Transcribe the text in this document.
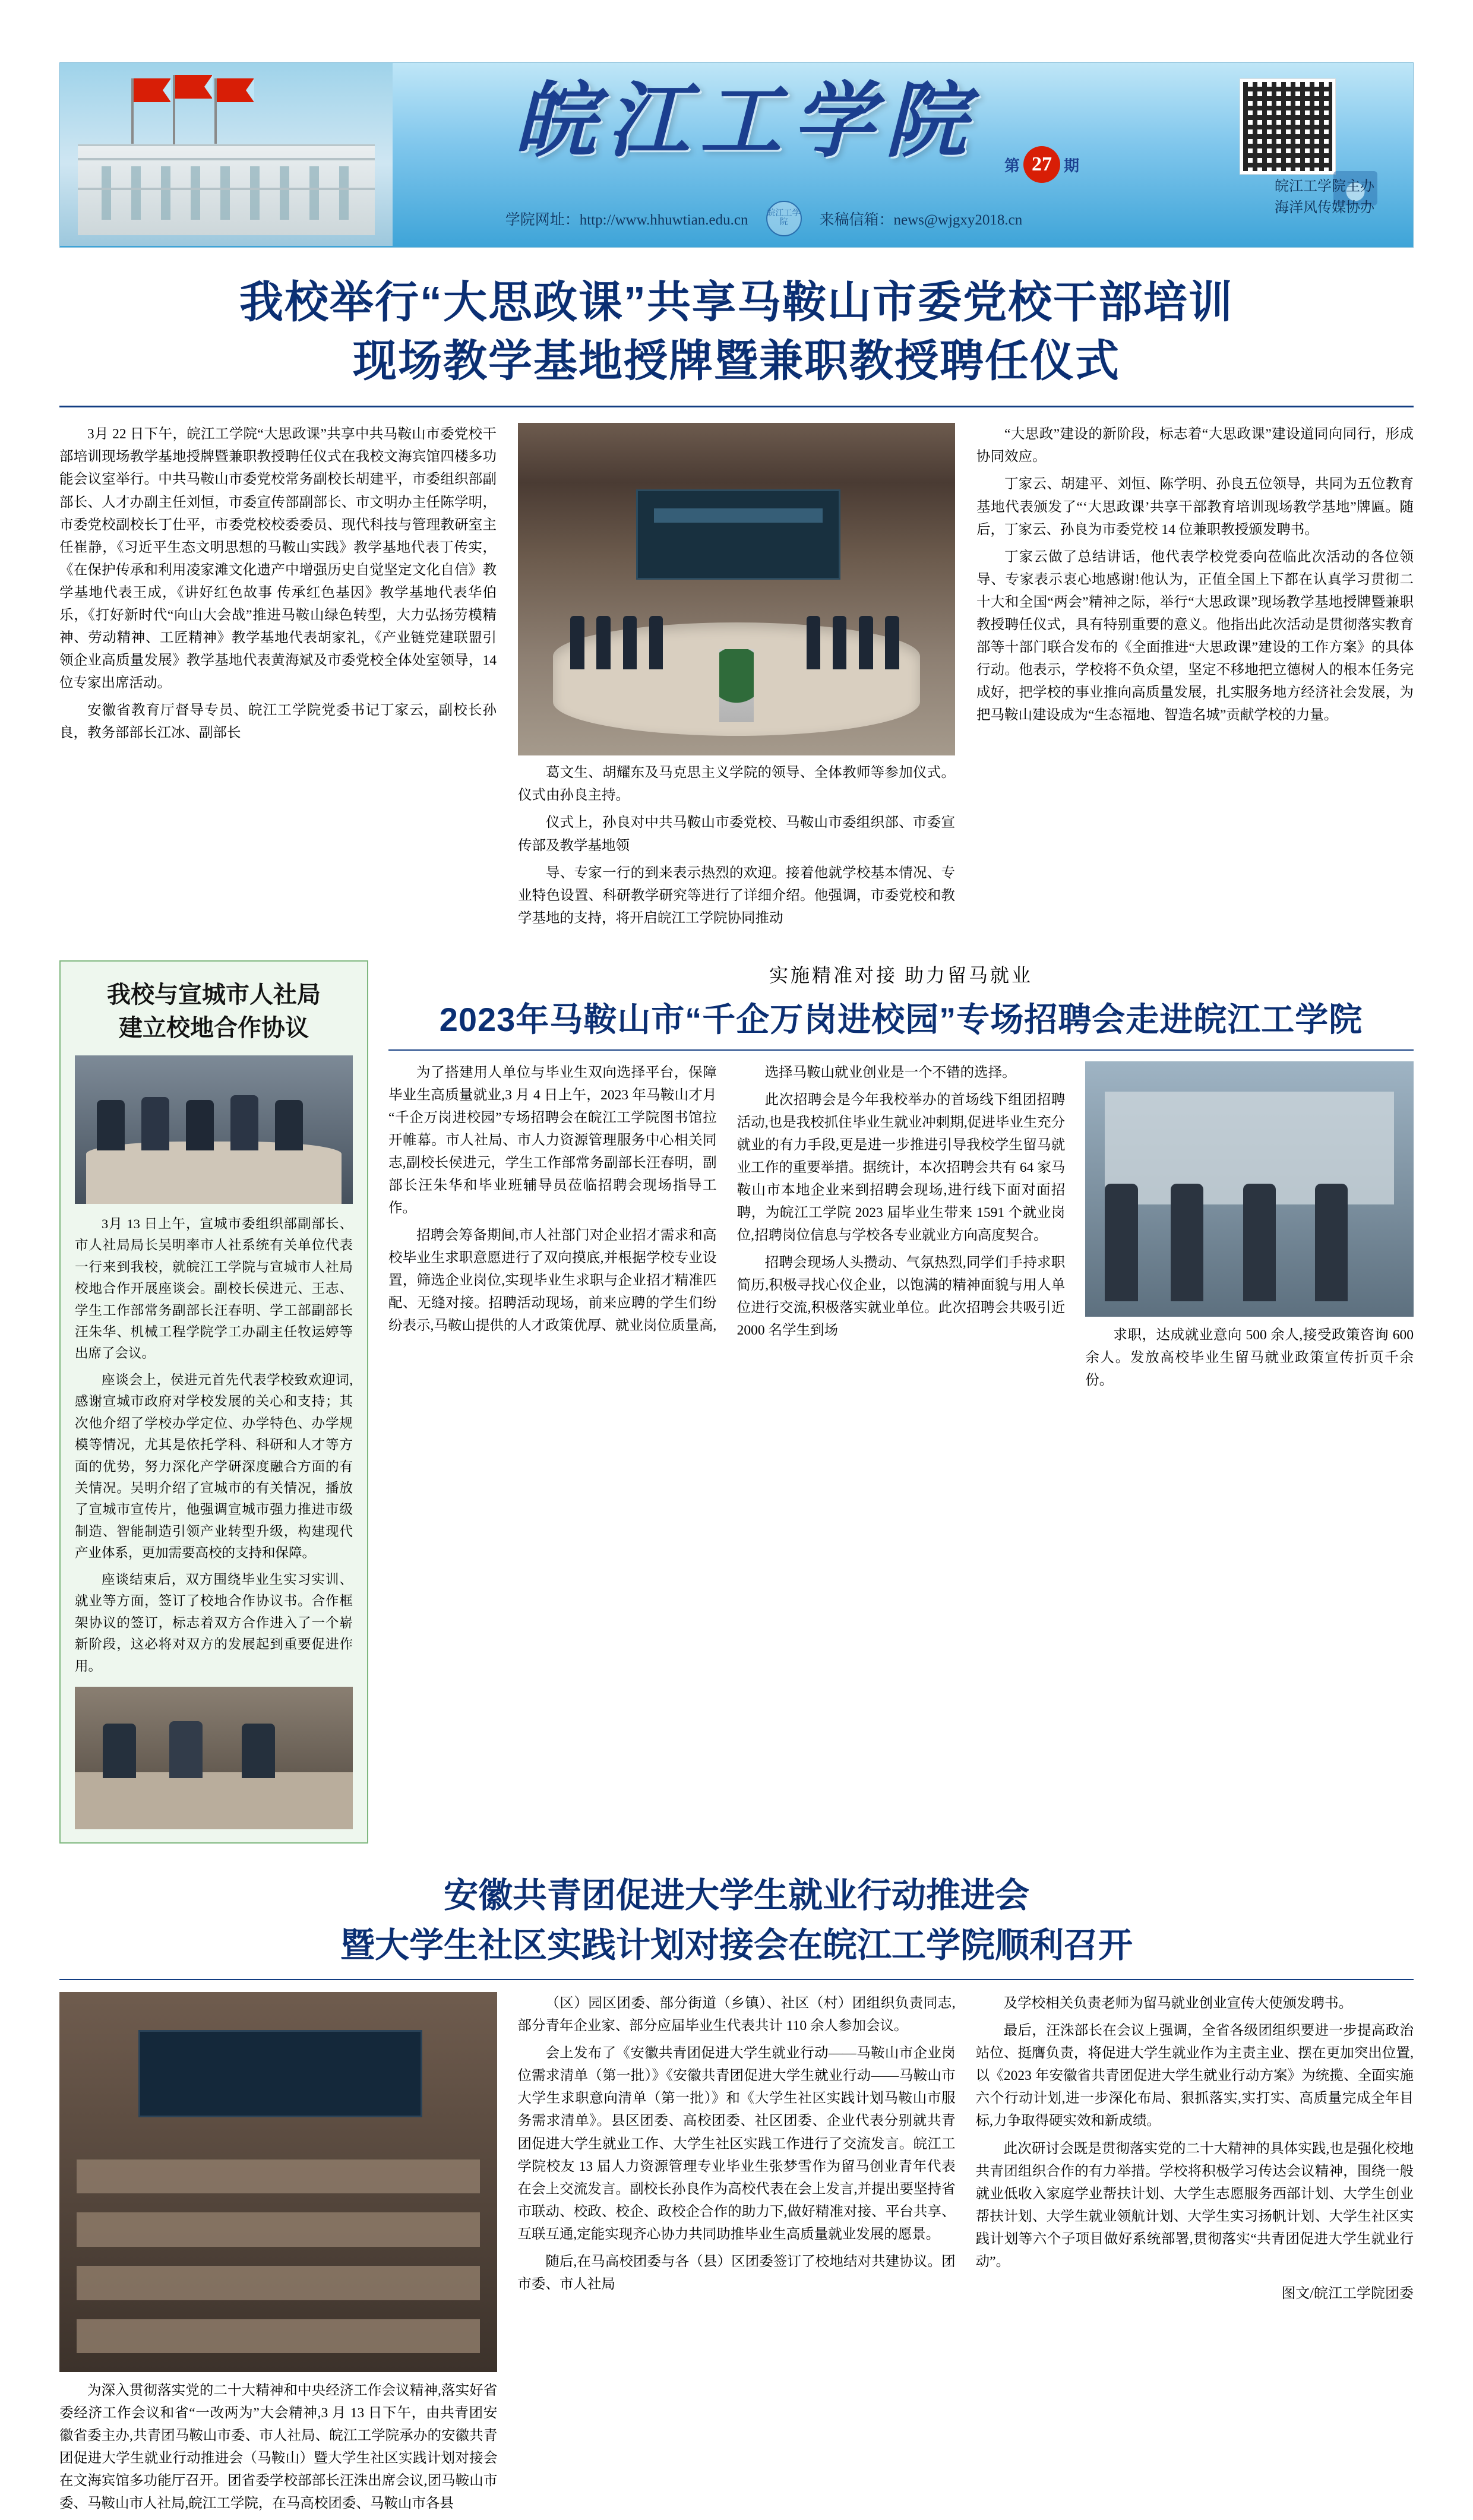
皖江工学院	第 27 期
学院网址：http://www.hhuwtian.edu.cn 皖江工学院	来稿信箱：news@wjgxy2018.cn
皖江工学院主办
海洋风传媒协办
我校举行“大思政课”共享马鞍山市委党校干部培训
现场教学基地授牌暨兼职教授聘任仪式

3月 22 日下午，皖江工学院“大思政课”共享中共马鞍山市委党校干部培训现场教学基地授牌暨兼职教授聘任仪式在我校文海宾馆四楼多功能会议室举行。中共马鞍山市委党校常务副校长胡建平，市委组织部副部长、人才办副主任刘恒，市委宣传部副部长、市文明办主任陈学明，市委党校副校长丁仕平，市委党校校委委员、现代科技与管理教研室主任崔静，《习近平生态文明思想的马鞍山实践》教学基地代表丁传实，《在保护传承和利用凌家滩文化遗产中增强历史自觉坚定文化自信》教学基地代表王成，《讲好红色故事 传承红色基因》教学基地代表华伯乐，《打好新时代“向山大会战”推进马鞍山绿色转型，大力弘扬劳模精神、劳动精神、工匠精神》教学基地代表胡家礼，《产业链党建联盟引领企业高质量发展》教学基地代表黄海斌及市委党校全体处室领导，14 位专家出席活动。

安徽省教育厅督导专员、皖江工学院党委书记丁家云，副校长孙良，教务部部长江冰、副部长

葛文生、胡耀东及马克思主义学院的领导、全体教师等参加仪式。仪式由孙良主持。

仪式上，孙良对中共马鞍山市委党校、马鞍山市委组织部、市委宣传部及教学基地领

“大思政”建设的新阶段，标志着“大思政课”建设道同向同行，形成协同效应。

丁家云、胡建平、刘恒、陈学明、孙良五位领导，共同为五位教育基地代表颁发了“‘大思政课’共享干部教育培训现场教学基地”牌匾。随后，丁家云、孙良为市委党校 14 位兼职教授颁发聘书。

丁家云做了总结讲话，他代表学校党委向莅临此次活动的各位领导、专家表示衷心地感谢!他认为，正值全国上下都在认真学习贯彻二十大和全国“两会”精神之际，举行“大思政课”现场教学基地授牌暨兼职教授聘任仪式，具有特别重要的意义。他指出此次活动是贯彻落实教育部等十部门联合发布的《全面推进“大思政课”建设的工作方案》的具体行动。他表示，学校将不负众望，坚定不移地把立德树人的根本任务完成好，把学校的事业推向高质量发展，扎实服务地方经济社会发展，为把马鞍山建设成为“生态福地、智造名城”贡献学校的力量。

导、专家一行的到来表示热烈的欢迎。接着他就学校基本情况、专业特色设置、科研教学研究等进行了详细介绍。他强调，市委党校和教学基地的支持，将开启皖江工学院协同推动

我校与宣城市人社局
建立校地合作协议

3月 13 日上午，宣城市委组织部副部长、市人社局局长吴明率市人社系统有关单位代表一行来到我校，就皖江工学院与宣城市人社局校地合作开展座谈会。副校长侯进元、王志、学生工作部常务副部长汪春明、学工部副部长汪朱华、机械工程学院学工办副主任牧运婷等出席了会议。

座谈会上，侯进元首先代表学校致欢迎词,感谢宣城市政府对学校发展的关心和支持；其次他介绍了学校办学定位、办学特色、办学规模等情况，尤其是依托学科、科研和人才等方面的优势，努力深化产学研深度融合方面的有关情况。吴明介绍了宣城市的有关情况，播放了宣城市宣传片，他强调宣城市强力推进市级制造、智能制造引领产业转型升级，构建现代产业体系，更加需要高校的支持和保障。

座谈结束后，双方围绕毕业生实习实训、就业等方面，签订了校地合作协议书。合作框架协议的签订，标志着双方合作进入了一个崭新阶段，这必将对双方的发展起到重要促进作用。

实施精准对接 助力留马就业

2023年马鞍山市“千企万岗进校园”专场招聘会走进皖江工学院

为了搭建用人单位与毕业生双向选择平台，保障毕业生高质量就业,3 月 4 日上午，2023 年马鞍山才月 “千企万岗进校园”专场招聘会在皖江工学院图书馆拉开帷幕。市人社局、市人力资源管理服务中心相关同志,副校长侯进元，学生工作部常务副部长汪春明，副部长汪朱华和毕业班辅导员莅临招聘会现场指导工作。

招聘会筹备期间,市人社部门对企业招才需求和高校毕业生求职意愿进行了双向摸底,并根据学校专业设置，筛选企业岗位,实现毕业生求职与企业招才精准匹配、无缝对接。招聘活动现场，前来应聘的学生们纷纷表示,马鞍山提供的人才政策优厚、就业岗位质量高,

选择马鞍山就业创业是一个不错的选择。

此次招聘会是今年我校举办的首场线下组团招聘活动,也是我校抓住毕业生就业冲刺期,促进毕业生充分就业的有力手段,更是进一步推进引导我校学生留马就业工作的重要举措。据统计，本次招聘会共有 64 家马鞍山市本地企业来到招聘会现场,进行线下面对面招聘，为皖江工学院 2023 届毕业生带来 1591 个就业岗位,招聘岗位信息与学校各专业就业方向高度契合。

招聘会现场人头攒动、气氛热烈,同学们手持求职简历,积极寻找心仪企业，以饱满的精神面貌与用人单位进行交流,积极落实就业单位。此次招聘会共吸引近 2000 名学生到场	求职，达成就业意向 500 余人,接受政策咨询 600 余人。发放高校毕业生留马就业政策宣传折页千余份。

安徽共青团促进大学生就业行动推进会
暨大学生社区实践计划对接会在皖江工学院顺利召开

为深入贯彻落实党的二十大精神和中央经济工作会议精神,落实好省委经济工作会议和省“一改两为”大会精神,3 月 13 日下午，由共青团安徽省委主办,共青团马鞍山市委、市人社局、皖江工学院承办的安徽共青团促进大学生就业行动推进会（马鞍山）暨大学生社区实践计划对接会在文海宾馆多功能厅召开。团省委学校部部长汪洙出席会议,团马鞍山市委、马鞍山市人社局,皖江工学院，在马高校团委、马鞍山市各县

（区）园区团委、部分街道（乡镇）、社区（村）团组织负责同志,部分青年企业家、部分应届毕业生代表共计 110 余人参加会议。

会上发布了《安徽共青团促进大学生就业行动——马鞍山市企业岗位需求清单（第一批）》《安徽共青团促进大学生就业行动——马鞍山市大学生求职意向清单（第一批）》和《大学生社区实践计划马鞍山市服务需求清单》。县区团委、高校团委、社区团委、企业代表分别就共青团促进大学生就业工作、大学生社区实践工作进行了交流发言。皖江工学院校友 13 届人力资源管理专业毕业生张梦雪作为留马创业青年代表在会上交流发言。副校长孙良作为高校代表在会上发言,并提出要坚持省市联动、校政、校企、政校企合作的助力下,做好精准对接、平台共享、互联互通,定能实现齐心协力共同助推毕业生高质量就业发展的愿景。

随后,在马高校团委与各（县）区团委签订了校地结对共建协议。团市委、市人社局

及学校相关负责老师为留马就业创业宣传大使颁发聘书。

最后，汪洙部长在会议上强调，全省各级团组织要进一步提高政治站位、挺膺负责，将促进大学生就业作为主责主业、摆在更加突出位置,以《2023 年安徽省共青团促进大学生就业行动方案》为统揽、全面实施六个行动计划,进一步深化布局、狠抓落实,实打实、高质量完成全年目标,力争取得硬实效和新成绩。

此次研讨会既是贯彻落实党的二十大精神的具体实践,也是强化校地共青团组织合作的有力举措。学校将积极学习传达会议精神，围绕一般就业低收入家庭学业帮扶计划、大学生志愿服务西部计划、大学生创业帮扶计划、大学生就业领航计划、大学生实习扬帆计划、大学生社区实践计划等六个子项目做好系统部署,贯彻落实“共青团促进大学生就业行动”。

图文/皖江工学院团委
